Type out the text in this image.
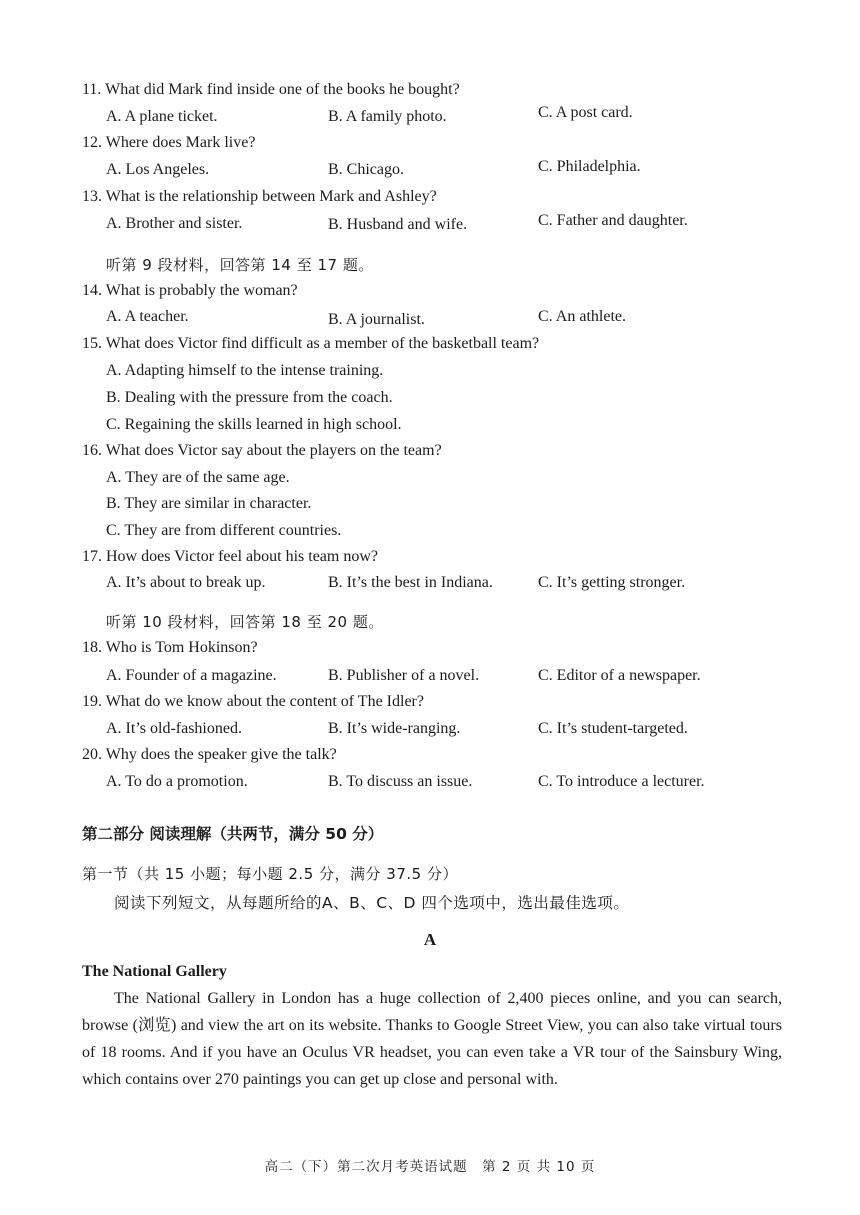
11. What did Mark find inside one of the books he bought?
A. A plane ticket.	B. A family photo.	C. A post card.
12. Where does Mark live?
A. Los Angeles.	B. Chicago.	C. Philadelphia.
13. What is the relationship between Mark and Ashley?
A. Brother and sister.	B. Husband and wife.	C. Father and daughter.
听第 9 段材料，回答第 14 至 17 题。
14. What is probably the woman?
A. A teacher.	B. A journalist.	C. An athlete.
15. What does Victor find difficult as a member of the basketball team?
A. Adapting himself to the intense training.
B. Dealing with the pressure from the coach.
C. Regaining the skills learned in high school.
16. What does Victor say about the players on the team?
A. They are of the same age.
B. They are similar in character.
C. They are from different countries.
17. How does Victor feel about his team now?
A. It’s about to break up.	B. It’s the best in Indiana.	C. It’s getting stronger.
听第 10 段材料，回答第 18 至 20 题。
18. Who is Tom Hokinson?
A. Founder of a magazine.	B. Publisher of a novel.	C. Editor of a newspaper.
19. What do we know about the content of The Idler?
A. It’s old-fashioned.	B. It’s wide-ranging.	C. It’s student-targeted.
20. Why does the speaker give the talk?
A. To do a promotion.	B. To discuss an issue.	C. To introduce a lecturer.
第二部分 阅读理解（共两节，满分 50 分）
第一节（共 15 小题；每小题 2.5 分，满分 37.5 分）
阅读下列短文，从每题所给的A、B、C、D 四个选项中，选出最佳选项。
A
The National Gallery
The National Gallery in London has a huge collection of 2,400 pieces online, and you can search, browse (浏览) and view the art on its website. Thanks to Google Street View, you can also take virtual tours of 18 rooms. And if you have an Oculus VR headset, you can even take a VR tour of the Sainsbury Wing, which contains over 270 paintings you can get up close and personal with.
高二（下）第二次月考英语试题　第 2 页 共 10 页
